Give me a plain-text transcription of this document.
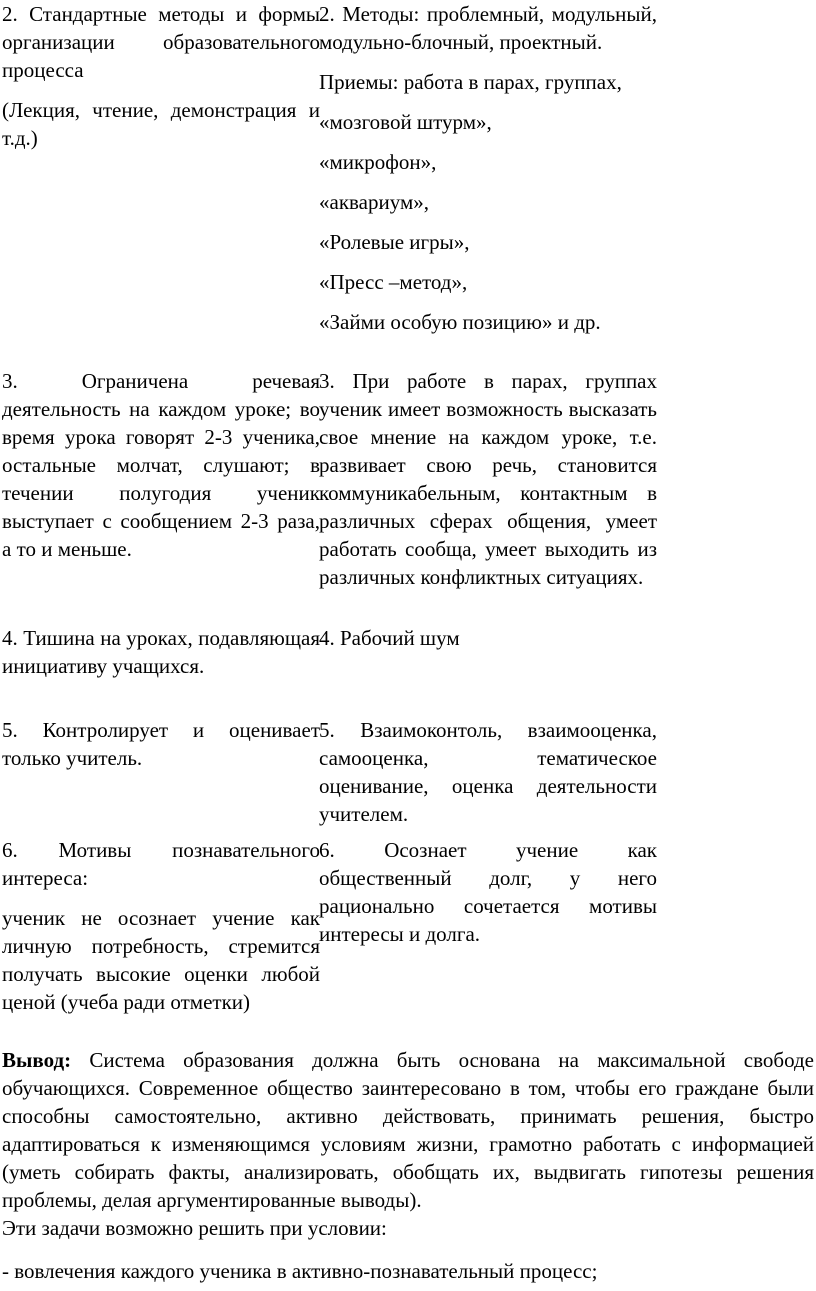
2. Стандартные методы и формы организации образовательного процесса

(Лекция, чтение, демонстрация и т.д.)

2. Методы: проблемный, модульный, модульно-блочный, проектный.

Приемы: работа в парах, группах,

«мозговой штурм»,

«микрофон»,

«аквариум»,

«Ролевые игры»,

«Пресс –метод»,

«Займи особую позицию» и др.

3. Ограничена речевая деятельность на каждом уроке; во время урока говорят 2-3 ученика, остальные молчат, слушают; в течении полугодия ученик выступает с сообщением 2-3 раза, а то и меньше.

3. При работе в парах, группах ученик имеет возможность высказать свое мнение на каждом уроке, т.е. развивает свою речь, становится коммуникабельным, контактным в различных сферах общения, умеет работать сообща, умеет выходить из различных конфликтных ситуациях.

4. Тишина на уроках, подавляющая инициативу учащихся.

4. Рабочий шум

5. Контролирует и оценивает только учитель.

5. Взаимоконтоль, взаимооценка, самооценка, тематическое оценивание, оценка деятельности учителем.

6. Мотивы познавательного интереса:

ученик не осознает учение как личную потребность, стремится получать высокие оценки любой ценой (учеба ради отметки)

6. Осознает учение как общественный долг, у него рационально сочетается мотивы интересы и долга.

Вывод: Система образования должна быть основана на максимальной свободе обучающихся. Современное общество заинтересовано в том, чтобы его граждане были способны самостоятельно, активно действовать, принимать решения, быстро адаптироваться к изменяющимся условиям жизни, грамотно работать с информацией (уметь собирать факты, анализировать, обобщать их, выдвигать гипотезы решения проблемы, делая аргументированные выводы).

Эти задачи возможно решить при условии:

- вовлечения каждого ученика в активно-познавательный процесс;
